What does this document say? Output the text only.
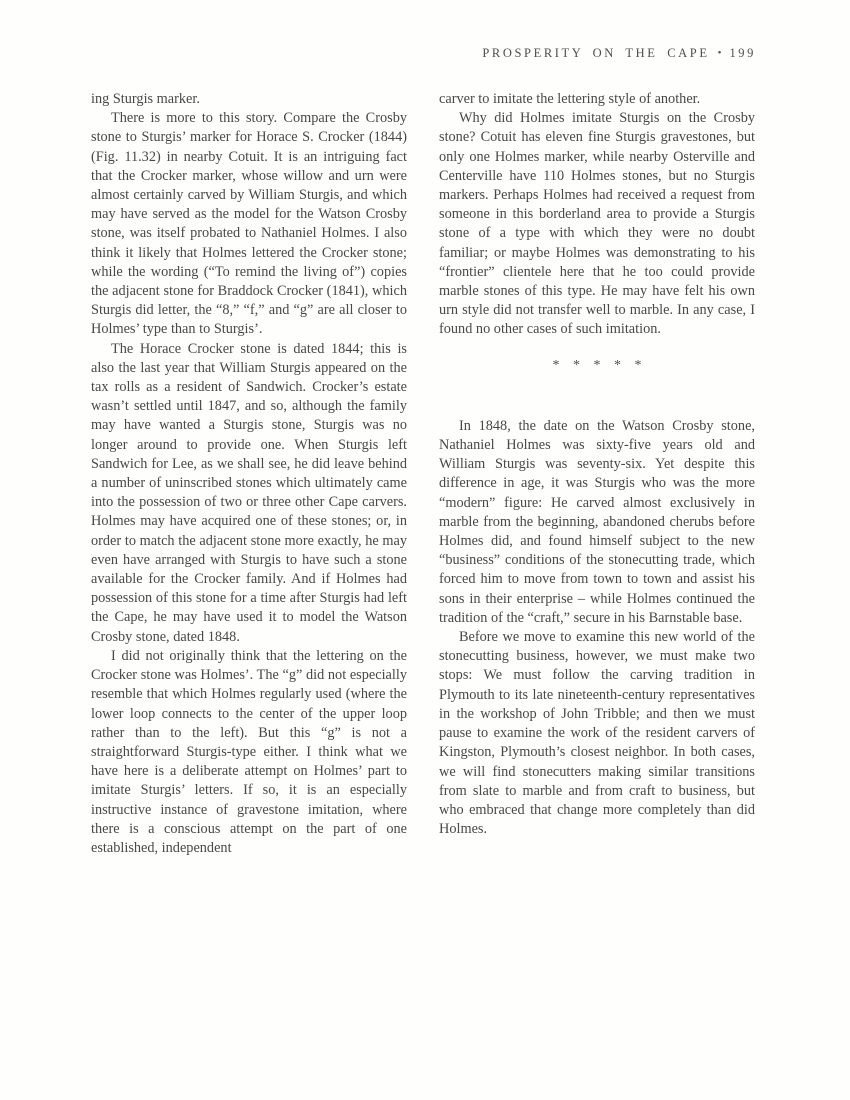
PROSPERITY ON THE CAPE • 199

ing Sturgis marker.

There is more to this story. Compare the Crosby stone to Sturgis’ marker for Horace S. Crocker (1844) (Fig. 11.32) in nearby Cotuit. It is an intriguing fact that the Crocker marker, whose willow and urn were almost certainly carved by William Sturgis, and which may have served as the model for the Watson Crosby stone, was itself probated to Nathaniel Holmes. I also think it likely that Holmes lettered the Crocker stone; while the wording (“To remind the living of”) copies the adjacent stone for Braddock Crocker (1841), which Sturgis did letter, the “8,” “f,” and “g” are all closer to Holmes’ type than to Sturgis’.

The Horace Crocker stone is dated 1844; this is also the last year that William Sturgis appeared on the tax rolls as a resident of Sandwich. Crocker’s estate wasn’t settled until 1847, and so, although the family may have wanted a Sturgis stone, Sturgis was no longer around to provide one. When Sturgis left Sandwich for Lee, as we shall see, he did leave behind a number of uninscribed stones which ultimately came into the possession of two or three other Cape carvers. Holmes may have acquired one of these stones; or, in order to match the adjacent stone more exactly, he may even have arranged with Sturgis to have such a stone available for the Crocker family. And if Holmes had possession of this stone for a time after Sturgis had left the Cape, he may have used it to model the Watson Crosby stone, dated 1848.

I did not originally think that the lettering on the Crocker stone was Holmes’. The “g” did not especially resemble that which Holmes regularly used (where the lower loop connects to the center of the upper loop rather than to the left). But this “g” is not a straightforward Sturgis-type either. I think what we have here is a deliberate attempt on Holmes’ part to imitate Sturgis’ letters. If so, it is an especially instructive instance of gravestone imitation, where there is a conscious attempt on the part of one established, independent

carver to imitate the lettering style of another.

Why did Holmes imitate Sturgis on the Crosby stone? Cotuit has eleven fine Sturgis gravestones, but only one Holmes marker, while nearby Osterville and Centerville have 110 Holmes stones, but no Sturgis markers. Perhaps Holmes had received a request from someone in this borderland area to provide a Sturgis stone of a type with which they were no doubt familiar; or maybe Holmes was demonstrating to his “frontier” clientele here that he too could provide marble stones of this type. He may have felt his own urn style did not transfer well to marble. In any case, I found no other cases of such imitation.

* * * * *

In 1848, the date on the Watson Crosby stone, Nathaniel Holmes was sixty-five years old and William Sturgis was seventy-six. Yet despite this difference in age, it was Sturgis who was the more “modern” figure: He carved almost exclusively in marble from the beginning, abandoned cherubs before Holmes did, and found himself subject to the new “business” conditions of the stonecutting trade, which forced him to move from town to town and assist his sons in their enterprise – while Holmes continued the tradition of the “craft,” secure in his Barnstable base.

Before we move to examine this new world of the stonecutting business, however, we must make two stops: We must follow the carving tradition in Plymouth to its late nineteenth-century representatives in the workshop of John Tribble; and then we must pause to examine the work of the resident carvers of Kingston, Plymouth’s closest neighbor. In both cases, we will find stonecutters making similar transitions from slate to marble and from craft to business, but who embraced that change more completely than did Holmes.
